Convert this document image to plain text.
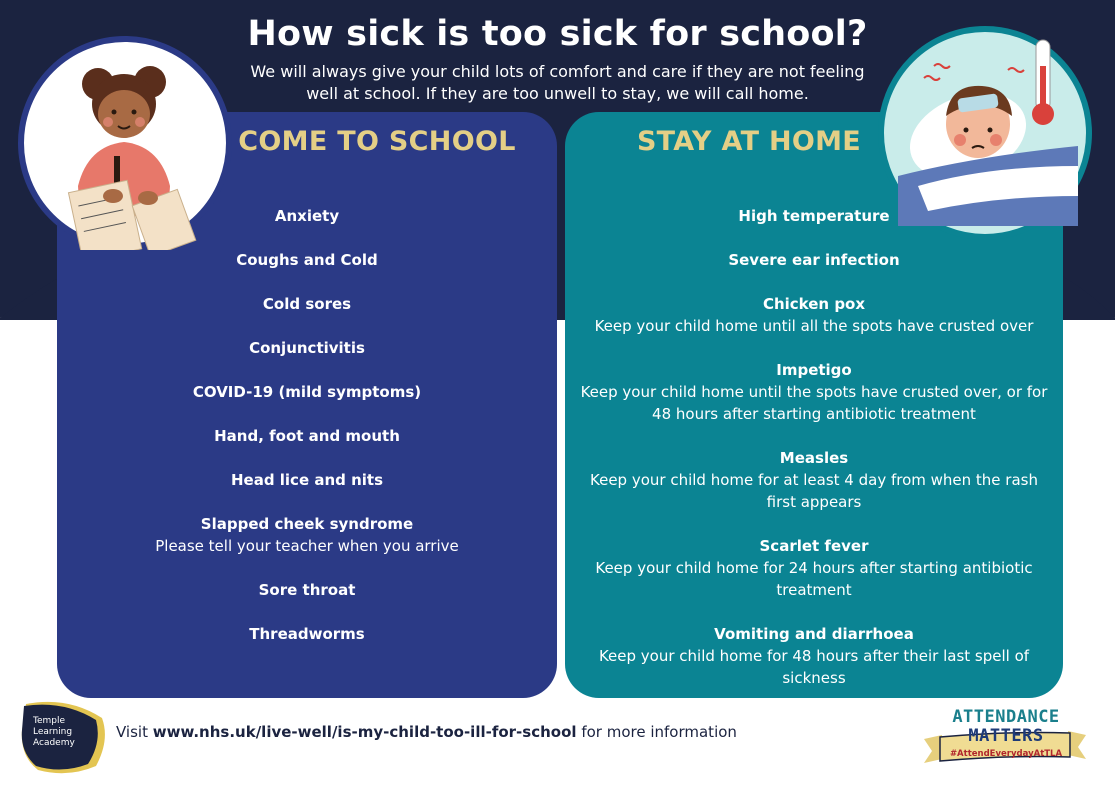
How sick is too sick for school?
We will always give your child lots of comfort and care if they are not feeling well at school. If they are too unwell to stay, we will call home.
COME TO SCHOOL
Anxiety
Coughs and Cold
Cold sores
Conjunctivitis
COVID-19 (mild symptoms)
Hand, foot and mouth
Head lice and nits
Slapped cheek syndrome
Please tell your teacher when you arrive
Sore throat
Threadworms
STAY AT HOME
High temperature
Severe ear infection
Chicken pox
Keep your child home until all the spots have crusted over
Impetigo
Keep your child home until the spots have crusted over, or for 48 hours after starting antibiotic treatment
Measles
Keep your child home for at least 4 day from when the rash first appears
Scarlet fever
Keep your child home for 24 hours after starting antibiotic treatment
Vomiting and diarrhoea
Keep your child home for 48 hours after their last spell of sickness
Temple
Learning
Academy
Visit www.nhs.uk/live-well/is-my-child-too-ill-for-school for more information
ATTENDANCE
MATTERS
#AttendEverydayAtTLA
